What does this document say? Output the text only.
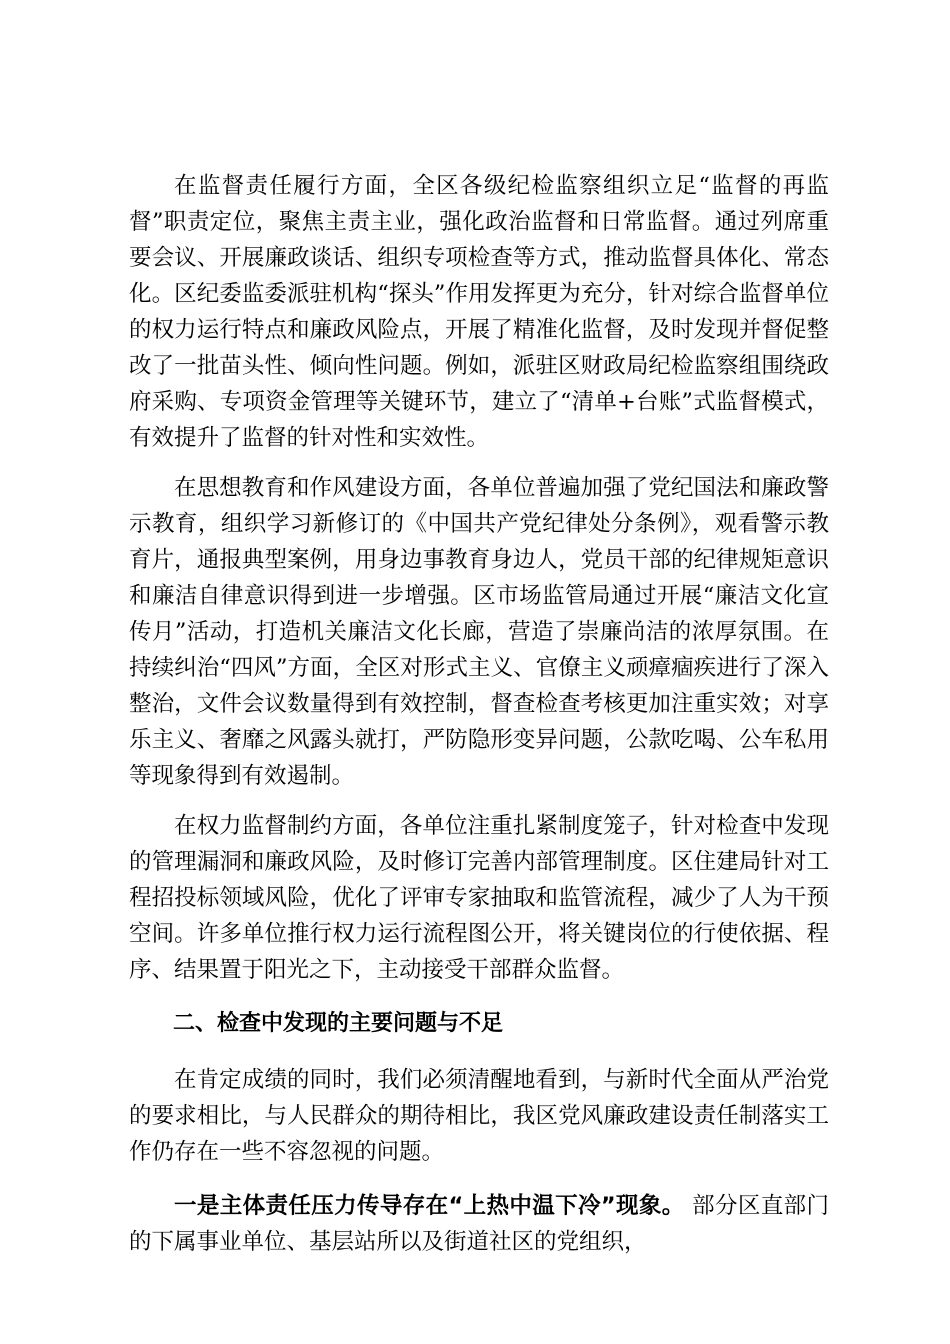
在监督责任履行方面，全区各级纪检监察组织立足“监督的再监督”职责定位，聚焦主责主业，强化政治监督和日常监督。通过列席重要会议、开展廉政谈话、组织专项检查等方式，推动监督具体化、常态化。区纪委监委派驻机构“探头”作用发挥更为充分，针对综合监督单位的权力运行特点和廉政风险点，开展了精准化监督，及时发现并督促整改了一批苗头性、倾向性问题。例如，派驻区财政局纪检监察组围绕政府采购、专项资金管理等关键环节，建立了“清单+台账”式监督模式，有效提升了监督的针对性和实效性。

在思想教育和作风建设方面，各单位普遍加强了党纪国法和廉政警示教育，组织学习新修订的《中国共产党纪律处分条例》，观看警示教育片，通报典型案例，用身边事教育身边人，党员干部的纪律规矩意识和廉洁自律意识得到进一步增强。区市场监管局通过开展“廉洁文化宣传月”活动，打造机关廉洁文化长廊，营造了崇廉尚洁的浓厚氛围。在持续纠治“四风”方面，全区对形式主义、官僚主义顽瘴痼疾进行了深入整治，文件会议数量得到有效控制，督查检查考核更加注重实效；对享乐主义、奢靡之风露头就打，严防隐形变异问题，公款吃喝、公车私用等现象得到有效遏制。

在权力监督制约方面，各单位注重扎紧制度笼子，针对检查中发现的管理漏洞和廉政风险，及时修订完善内部管理制度。区住建局针对工程招投标领域风险，优化了评审专家抽取和监管流程，减少了人为干预空间。许多单位推行权力运行流程图公开，将关键岗位的行使依据、程序、结果置于阳光之下，主动接受干部群众监督。

二、检查中发现的主要问题与不足

在肯定成绩的同时，我们必须清醒地看到，与新时代全面从严治党的要求相比，与人民群众的期待相比，我区党风廉政建设责任制落实工作仍存在一些不容忽视的问题。

一是主体责任压力传导存在“上热中温下冷”现象。 部分区直部门的下属事业单位、基层站所以及街道社区的党组织，
